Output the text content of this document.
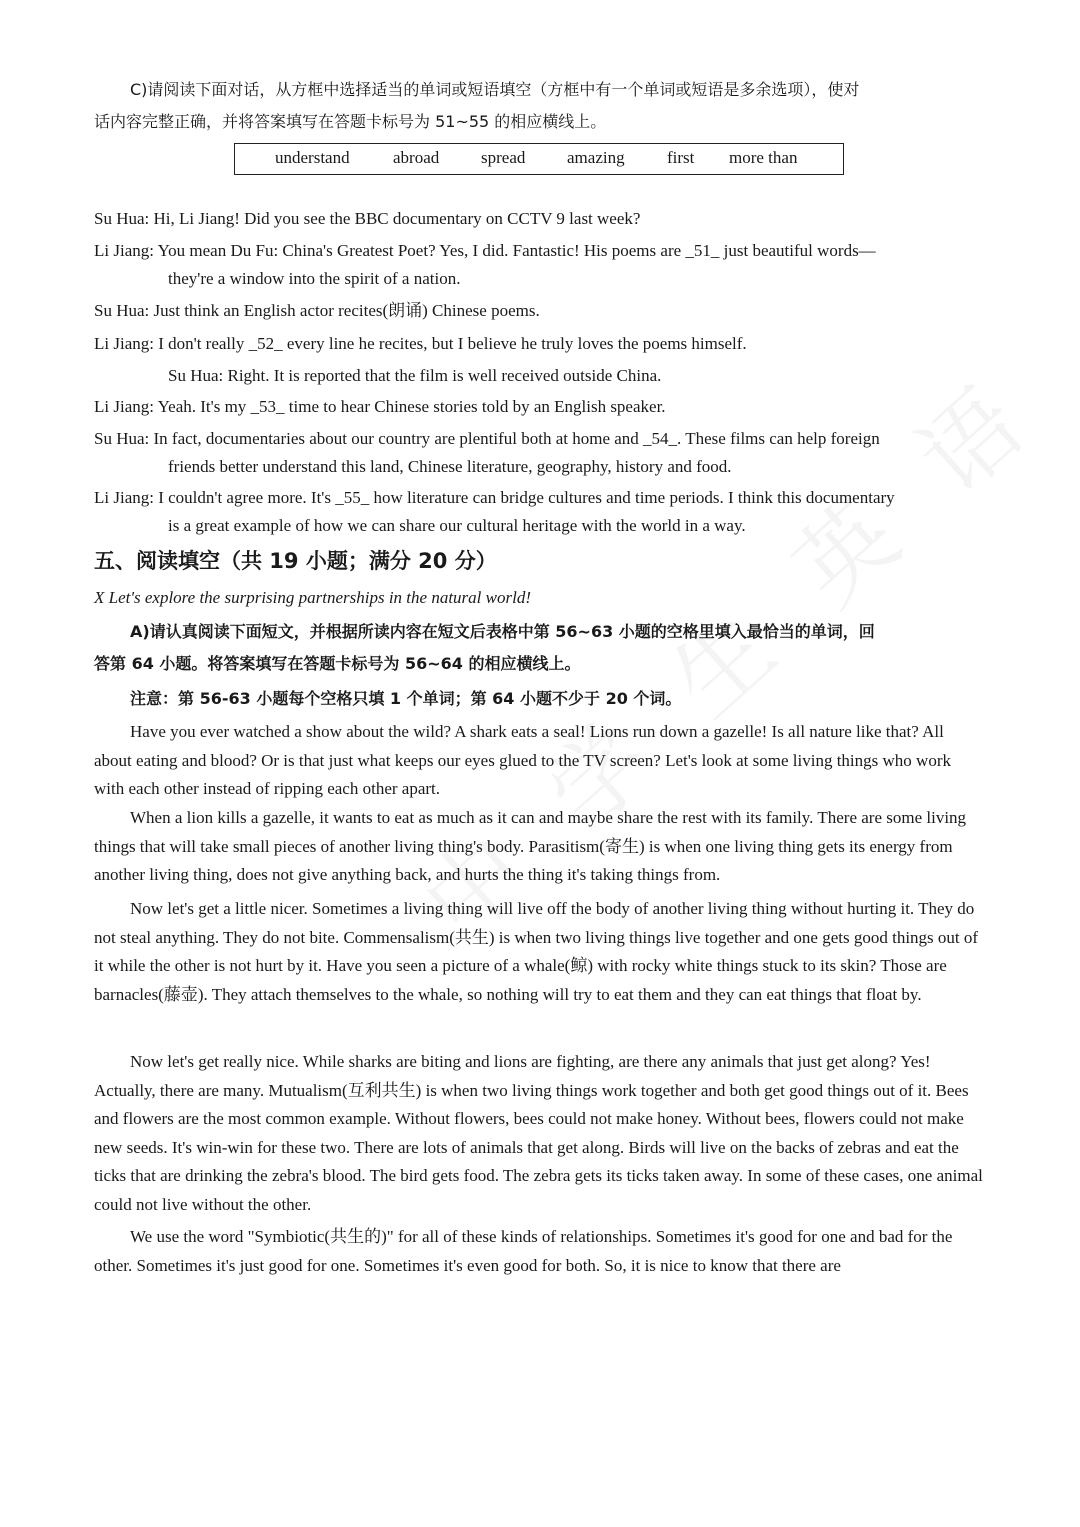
C)请阅读下面对话，从方框中选择适当的单词或短语填空（方框中有一个单词或短语是多余选项），使对
话内容完整正确，并将答案填写在答题卡标号为 51~55 的相应横线上。
understand	abroad spread amazing first more than
Su Hua: Hi, Li Jiang! Did you see the BBC documentary on CCTV 9 last week?
Li Jiang: You mean Du Fu: China's Greatest Poet? Yes, I did. Fantastic! His poems are _51_ just beautiful words—
they're a window into the spirit of a nation.
Su Hua: Just think an English actor recites(朗诵) Chinese poems.
Li Jiang: I don't really _52_ every line he recites, but I believe he truly loves the poems himself.
Su Hua: Right. It is reported that the film is well received outside China.
Li Jiang: Yeah. It's my _53_ time to hear Chinese stories told by an English speaker.
Su Hua: In fact, documentaries about our country are plentiful both at home and _54_. These films can help foreign
friends better understand this land, Chinese literature, geography, history and food.
Li Jiang: I couldn't agree more. It's _55_ how literature can bridge cultures and time periods. I think this documentary
is a great example of how we can share our cultural heritage with the world in a way.
五、阅读填空（共 19 小题；满分 20 分）
X Let's explore the surprising partnerships in the natural world!
A)请认真阅读下面短文，并根据所读内容在短文后表格中第 56~63 小题的空格里填入最恰当的单词，回
答第 64 小题。将答案填写在答题卡标号为 56~64 的相应横线上。
注意：第 56-63 小题每个空格只填 1 个单词；第 64 小题不少于 20 个词。
Have you ever watched a show about the wild? A shark eats a seal! Lions run down a gazelle! Is all nature like that? All about eating and blood? Or is that just what keeps our eyes glued to the TV screen? Let's look at some living things who work with each other instead of ripping each other apart.
When a lion kills a gazelle, it wants to eat as much as it can and maybe share the rest with its family. There are some living things that will take small pieces of another living thing's body. Parasitism(寄生) is when one living thing gets its energy from another living thing, does not give anything back, and hurts the thing it's taking things from.
Now let's get a little nicer. Sometimes a living thing will live off the body of another living thing without hurting it. They do not steal anything. They do not bite. Commensalism(共生) is when two living things live together and one gets good things out of it while the other is not hurt by it. Have you seen a picture of a whale(鲸) with rocky white things stuck to its skin? Those are barnacles(藤壶). They attach themselves to the whale, so nothing will try to eat them and they can eat things that float by.
Now let's get really nice. While sharks are biting and lions are fighting, are there any animals that just get along? Yes! Actually, there are many. Mutualism(互利共生) is when two living things work together and both get good things out of it. Bees and flowers are the most common example. Without flowers, bees could not make honey. Without bees, flowers could not make new seeds. It's win-win for these two. There are lots of animals that get along. Birds will live on the backs of zebras and eat the ticks that are drinking the zebra's blood. The bird gets food. The zebra gets its ticks taken away. In some of these cases, one animal could not live without the other.
We use the word "Symbiotic(共生的)" for all of these kinds of relationships. Sometimes it's good for one and bad for the other. Sometimes it's just good for one. Sometimes it's even good for both. So, it is nice to know that there are
